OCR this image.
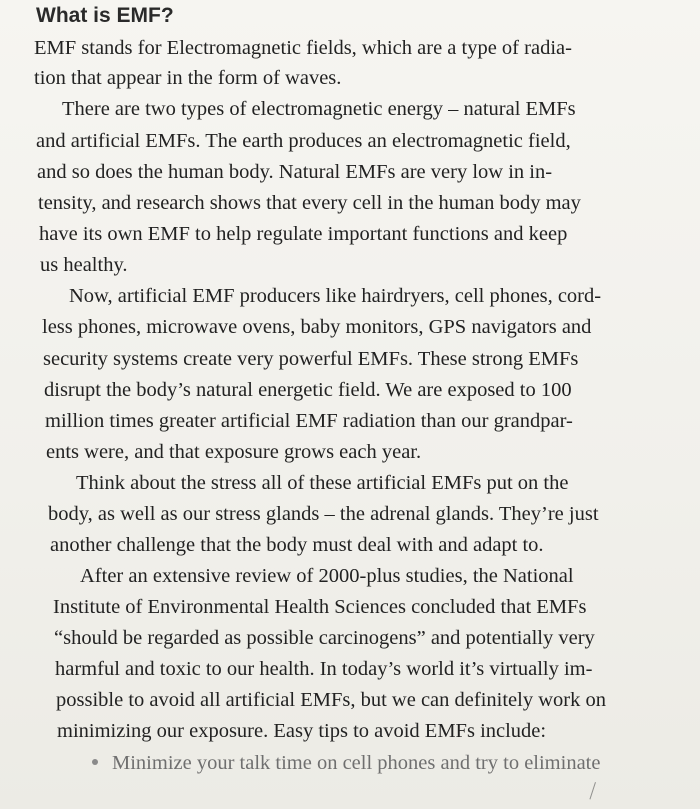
What is EMF?
EMF stands for Electromagnetic fields, which are a type of radia-
tion that appear in the form of waves.
There are two types of electromagnetic energy – natural EMFs
and artificial EMFs. The earth produces an electromagnetic field,
and so does the human body. Natural EMFs are very low in in-
tensity, and research shows that every cell in the human body may
have its own EMF to help regulate important functions and keep
us healthy.
Now, artificial EMF producers like hairdryers, cell phones, cord-
less phones, microwave ovens, baby monitors, GPS navigators and
security systems create very powerful EMFs. These strong EMFs
disrupt the body’s natural energetic field. We are exposed to 100
million times greater artificial EMF radiation than our grandpar-
ents were, and that exposure grows each year.
Think about the stress all of these artificial EMFs put on the
body, as well as our stress glands – the adrenal glands. They’re just
another challenge that the body must deal with and adapt to.
After an extensive review of 2000-plus studies, the National
Institute of Environmental Health Sciences concluded that EMFs
“should be regarded as possible carcinogens” and potentially very
harmful and toxic to our health. In today’s world it’s virtually im-
possible to avoid all artificial EMFs, but we can definitely work on
minimizing our exposure. Easy tips to avoid EMFs include:
Minimize your talk time on cell phones and try to eliminate
